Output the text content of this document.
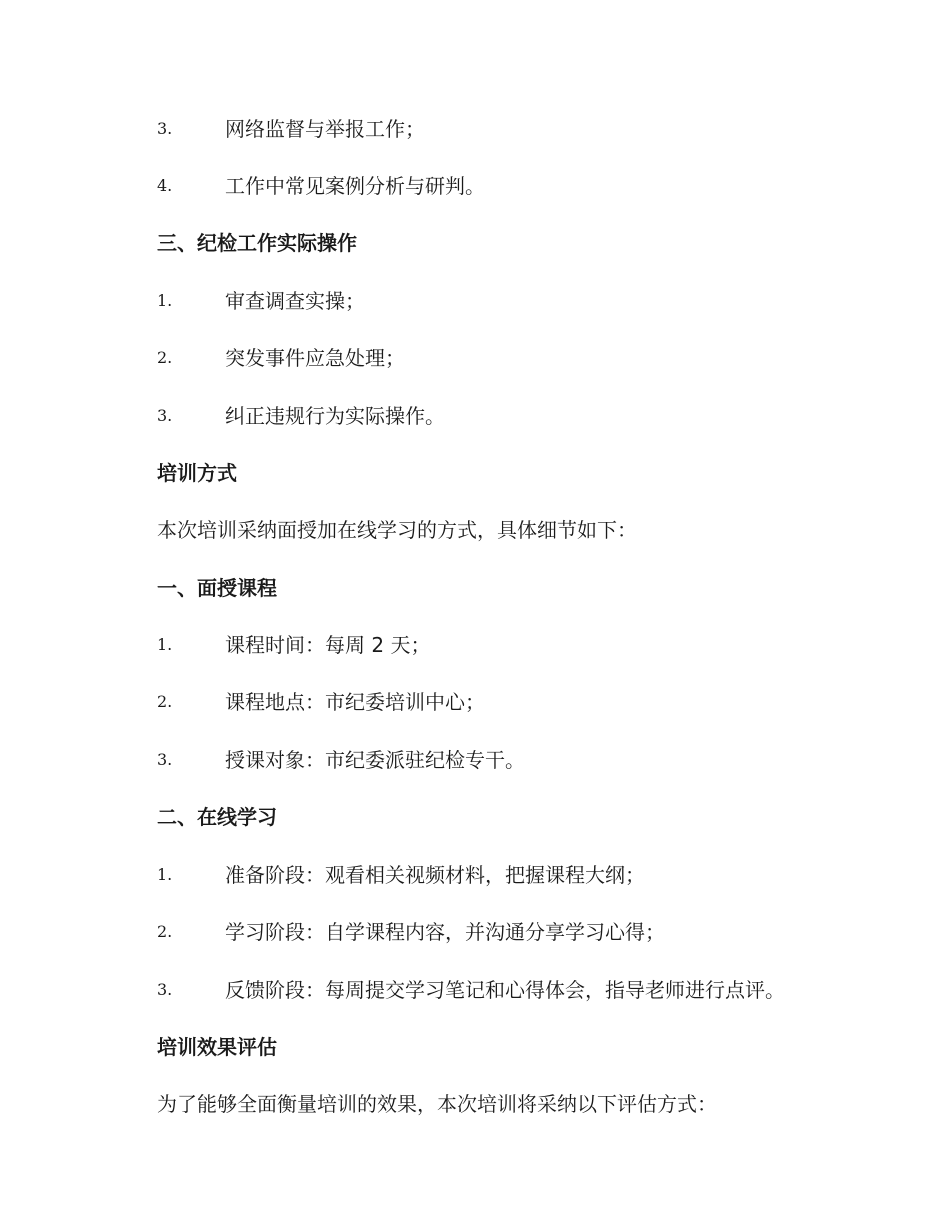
3.	网络监督与举报工作；
4.	工作中常见案例分析与研判。
三、纪检工作实际操作
1.	审查调查实操；
2.	突发事件应急处理；
3.	纠正违规行为实际操作。
培训方式
本次培训采纳面授加在线学习的方式，具体细节如下：
一、面授课程
1.	课程时间：每周 2 天；
2.	课程地点：市纪委培训中心；
3.	授课对象：市纪委派驻纪检专干。
二、在线学习
1.	准备阶段：观看相关视频材料，把握课程大纲；
2.	学习阶段：自学课程内容，并沟通分享学习心得；
3.	反馈阶段：每周提交学习笔记和心得体会，指导老师进行点评。
培训效果评估
为了能够全面衡量培训的效果，本次培训将采纳以下评估方式：
